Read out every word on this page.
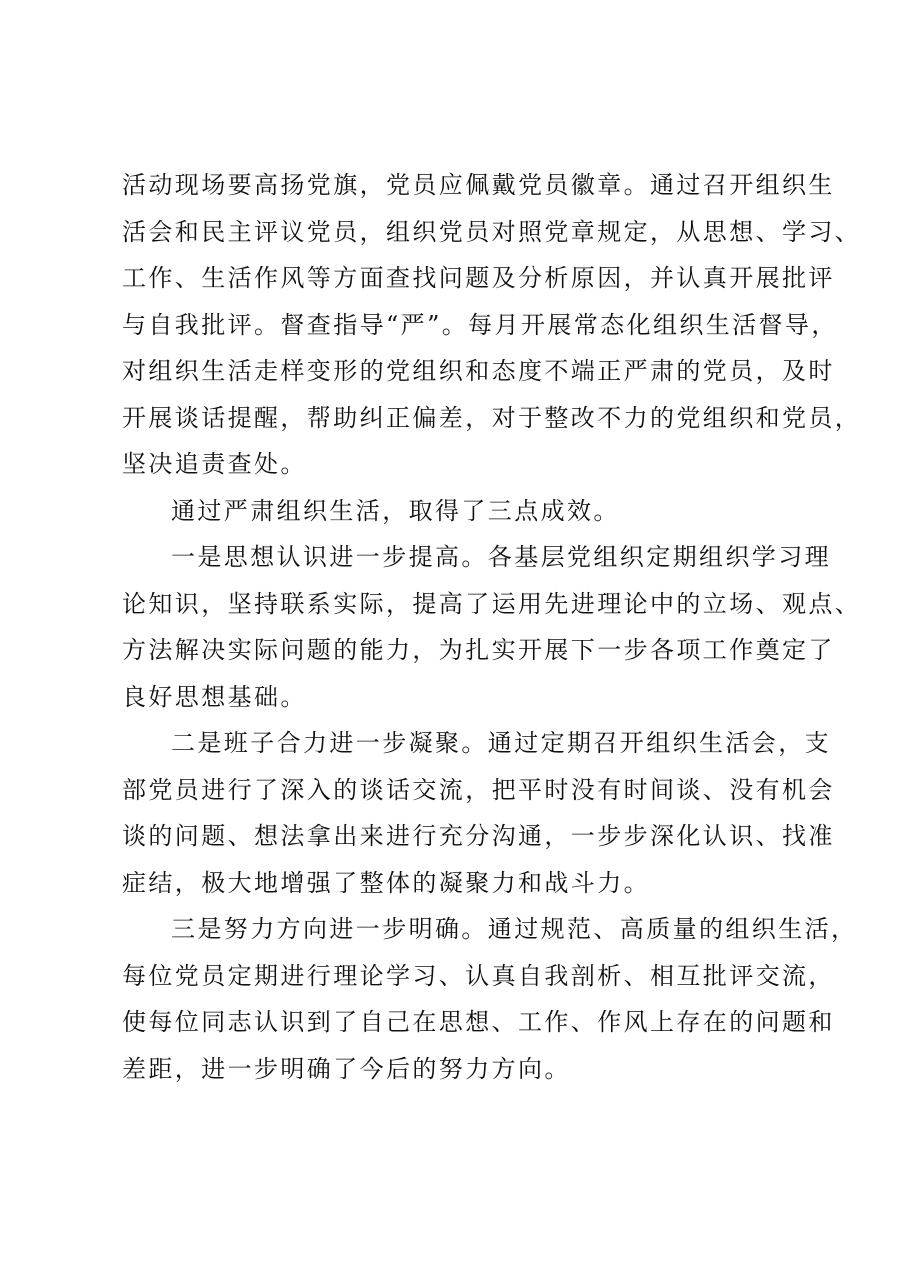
活动现场要高扬党旗，党员应佩戴党员徽章。通过召开组织生
活会和民主评议党员，组织党员对照党章规定，从思想、学习、
工作、生活作风等方面查找问题及分析原因，并认真开展批评
与自我批评。督查指导“严”。每月开展常态化组织生活督导，
对组织生活走样变形的党组织和态度不端正严肃的党员，及时
开展谈话提醒，帮助纠正偏差，对于整改不力的党组织和党员，
坚决追责查处。

通过严肃组织生活，取得了三点成效。

一是思想认识进一步提高。各基层党组织定期组织学习理
论知识，坚持联系实际，提高了运用先进理论中的立场、观点、
方法解决实际问题的能力，为扎实开展下一步各项工作奠定了
良好思想基础。

二是班子合力进一步凝聚。通过定期召开组织生活会，支
部党员进行了深入的谈话交流，把平时没有时间谈、没有机会
谈的问题、想法拿出来进行充分沟通，一步步深化认识、找准
症结，极大地增强了整体的凝聚力和战斗力。

三是努力方向进一步明确。通过规范、高质量的组织生活，
每位党员定期进行理论学习、认真自我剖析、相互批评交流，
使每位同志认识到了自己在思想、工作、作风上存在的问题和
差距，进一步明确了今后的努力方向。
